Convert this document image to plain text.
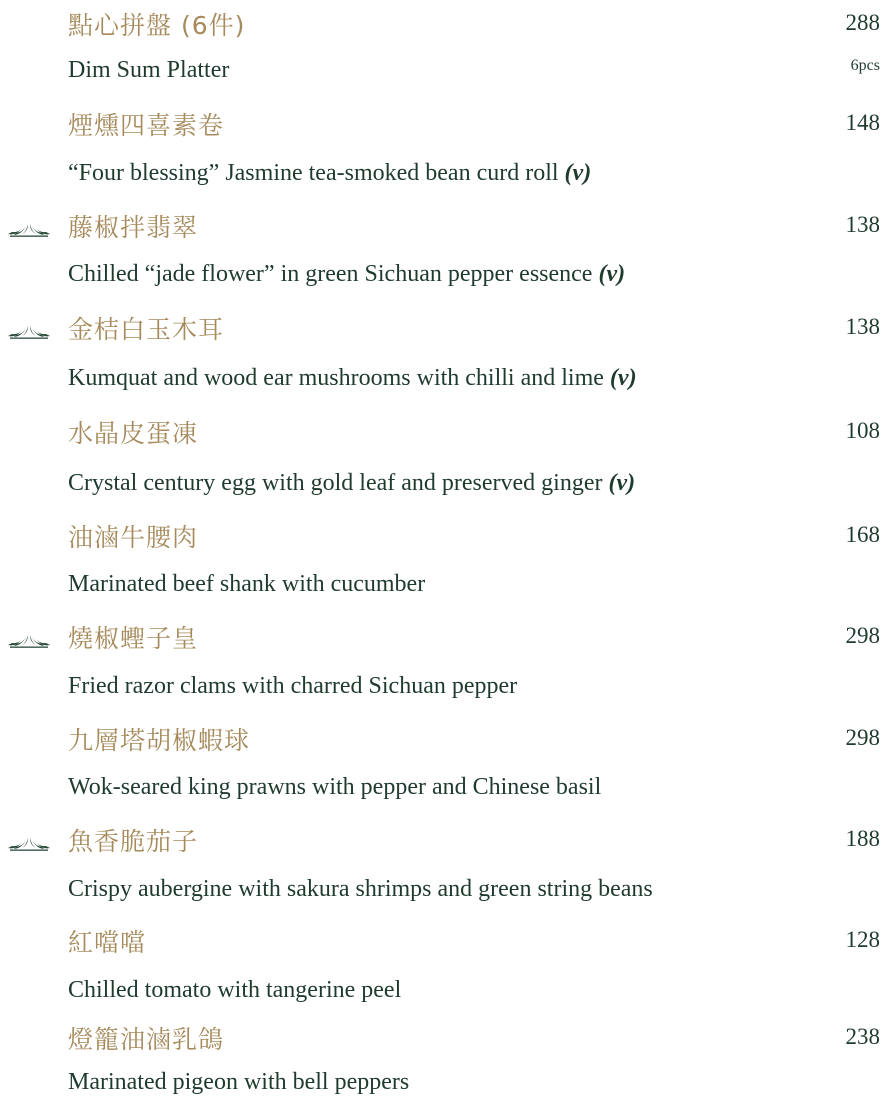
點心拼盤 (6件)	288
Dim Sum Platter	6pcs
煙燻四喜素卷	148
“Four blessing” Jasmine tea-smoked bean curd roll (v)
藤椒拌翡翠	138
Chilled “jade flower” in green Sichuan pepper essence (v)
金桔白玉木耳	138
Kumquat and wood ear mushrooms with chilli and lime (v)
水晶皮蛋凍	108
Crystal century egg with gold leaf and preserved ginger (v)
油滷牛腰肉	168
Marinated beef shank with cucumber
燒椒蟶子皇	298
Fried razor clams with charred Sichuan pepper
九層塔胡椒蝦球	298
Wok-seared king prawns with pepper and Chinese basil
魚香脆茄子	188
Crispy aubergine with sakura shrimps and green string beans
紅噹噹	128
Chilled tomato with tangerine peel
燈籠油滷乳鴿	238
Marinated pigeon with bell peppers
